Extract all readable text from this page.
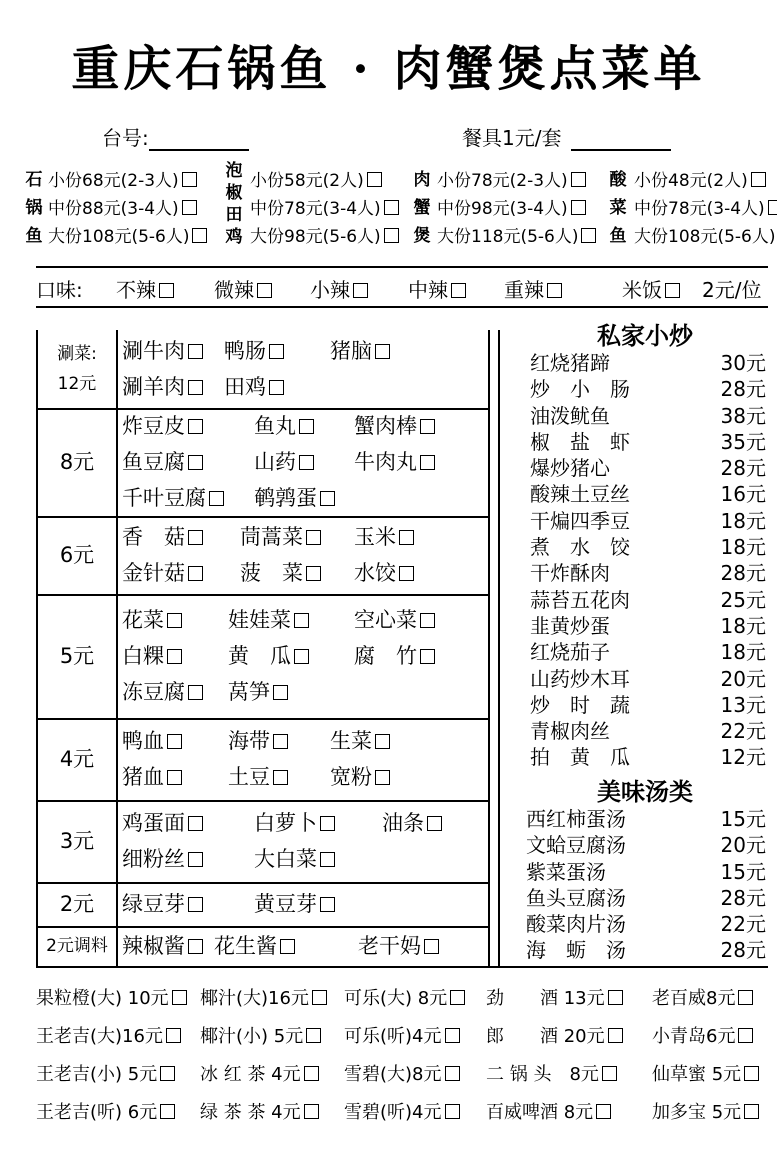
重庆石锅鱼 · 肉蟹煲点菜单
台号:	餐具1元/套
石
锅
鱼
小份68元(2-3人)
中份88元(3-4人)
大份108元(5-6人)
泡
椒
田
鸡
小份58元(2人)
中份78元(3-4人)
大份98元(5-6人)
肉
蟹
煲
小份78元(2-3人)
中份98元(3-4人)
大份118元(5-6人)
酸
菜
鱼
小份48元(2人)
中份78元(3-4人)
大份108元(5-6人)
口味: 不辣	微辣	小辣	中辣	重辣	米饭	2元/位
涮菜:
12元
涮牛肉	鸭肠	猪脑
涮羊肉	田鸡
8元
炸豆皮	鱼丸	蟹肉棒
鱼豆腐	山药	牛肉丸
千叶豆腐	鹌鹑蛋
6元
香　菇	茼蒿菜	玉米
金针菇	菠　菜	水饺
5元
花菜	娃娃菜	空心菜
白粿	黄　瓜	腐　竹
冻豆腐	莴笋
4元
鸭血	海带	生菜
猪血	土豆	宽粉
3元
鸡蛋面	白萝卜	油条
细粉丝	大白菜
2元	绿豆芽	黄豆芽
2元调料 辣椒酱	花生酱	老干妈
私家小炒
红烧猪蹄	30元
炒　小　肠	28元
油泼鱿鱼	38元
椒　盐　虾	35元
爆炒猪心	28元
酸辣土豆丝	16元
干煸四季豆	18元
煮　水　饺	18元
干炸酥肉	28元
蒜苔五花肉	25元
韭黄炒蛋	18元
红烧茄子	18元
山药炒木耳	20元
炒　时　蔬	13元
青椒肉丝	22元
拍　黄　瓜	12元
美味汤类
西红柿蛋汤	15元
文蛤豆腐汤	20元
紫菜蛋汤	15元
鱼头豆腐汤	28元
酸菜肉片汤	22元
海　蛎　汤	28元
果粒橙(大) 10元	椰汁(大)16元	可乐(大) 8元	劲　　酒 13元	老百威8元
王老吉(大)16元	椰汁(小) 5元	可乐(听)4元	郎　　酒 20元	小青岛6元
王老吉(小) 5元	冰 红 茶 4元	雪碧(大)8元	二 锅 头　8元	仙草蜜 5元
王老吉(听) 6元	绿 茶 茶 4元	雪碧(听)4元	百威啤酒 8元	加多宝 5元
